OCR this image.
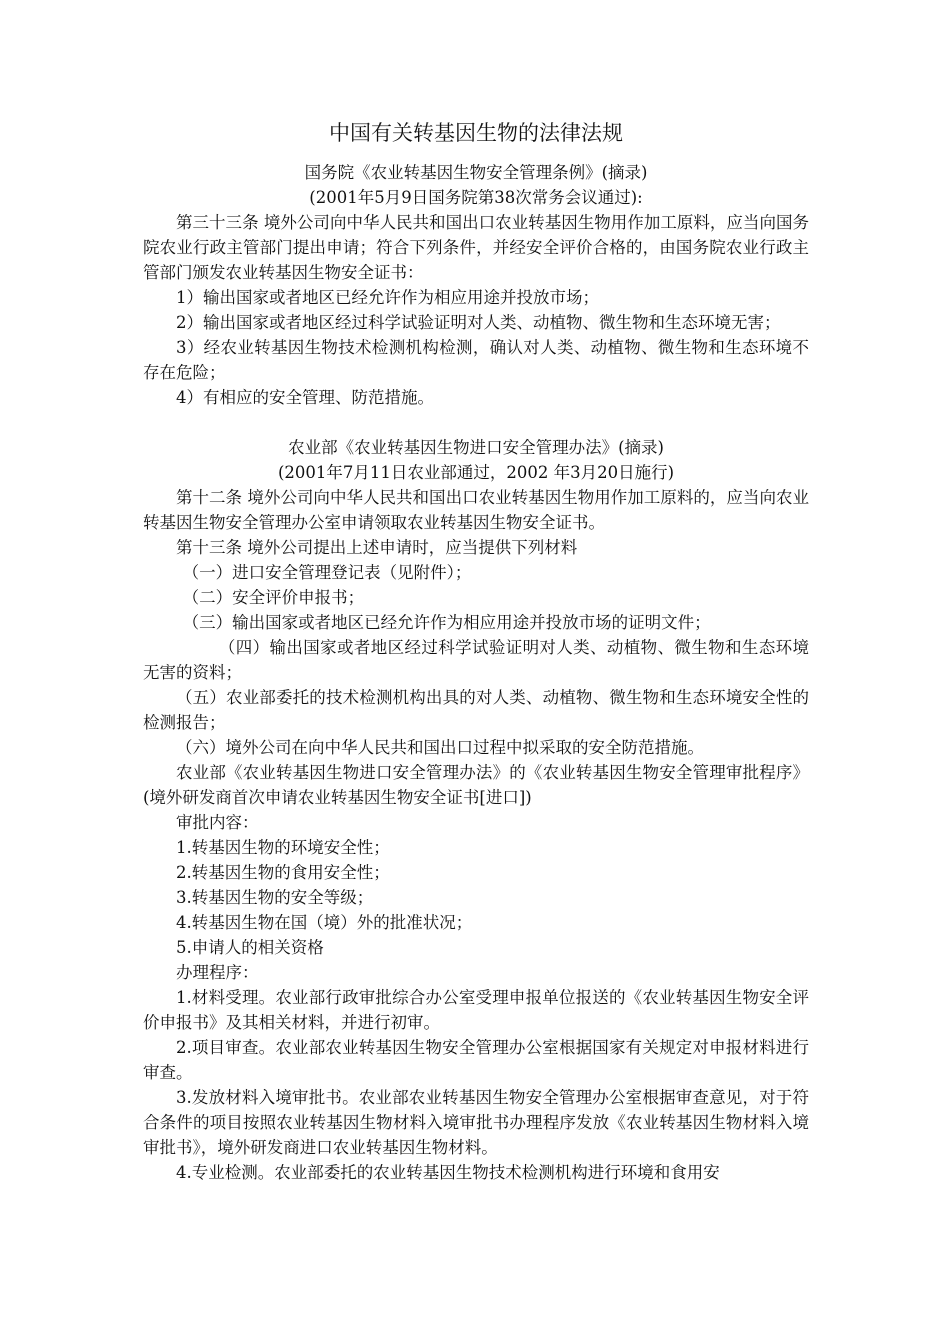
中国有关转基因生物的法律法规

国务院《农业转基因生物安全管理条例》(摘录)

(2001年5月9日国务院第38次常务会议通过):

第三十三条 境外公司向中华人民共和国出口农业转基因生物用作加工原料，应当向国务院农业行政主管部门提出申请；符合下列条件，并经安全评价合格的，由国务院农业行政主管部门颁发农业转基因生物安全证书：

1）输出国家或者地区已经允许作为相应用途并投放市场；

2）输出国家或者地区经过科学试验证明对人类、动植物、微生物和生态环境无害；

3）经农业转基因生物技术检测机构检测，确认对人类、动植物、微生物和生态环境不存在危险；

4）有相应的安全管理、防范措施。

农业部《农业转基因生物进口安全管理办法》(摘录)

(2001年7月11日农业部通过，2002 年3月20日施行)

第十二条 境外公司向中华人民共和国出口农业转基因生物用作加工原料的，应当向农业转基因生物安全管理办公室申请领取农业转基因生物安全证书。

第十三条 境外公司提出上述申请时，应当提供下列材料

（一）进口安全管理登记表（见附件）；

（二）安全评价申报书；

（三）输出国家或者地区已经允许作为相应用途并投放市场的证明文件；

（四）输出国家或者地区经过科学试验证明对人类、动植物、微生物和生态环境无害的资料；

（五）农业部委托的技术检测机构出具的对人类、动植物、微生物和生态环境安全性的检测报告；

（六）境外公司在向中华人民共和国出口过程中拟采取的安全防范措施。

农业部《农业转基因生物进口安全管理办法》的《农业转基因生物安全管理审批程序》 (境外研发商首次申请农业转基因生物安全证书[进口])

审批内容：

1.转基因生物的环境安全性；

2.转基因生物的食用安全性；

3.转基因生物的安全等级；

4.转基因生物在国（境）外的批准状况；

5.申请人的相关资格

办理程序：

1.材料受理。农业部行政审批综合办公室受理申报单位报送的《农业转基因生物安全评价申报书》及其相关材料，并进行初审。

2.项目审查。农业部农业转基因生物安全管理办公室根据国家有关规定对申报材料进行审查。

3.发放材料入境审批书。农业部农业转基因生物安全管理办公室根据审查意见，对于符合条件的项目按照农业转基因生物材料入境审批书办理程序发放《农业转基因生物材料入境审批书》，境外研发商进口农业转基因生物材料。

4.专业检测。农业部委托的农业转基因生物技术检测机构进行环境和食用安
